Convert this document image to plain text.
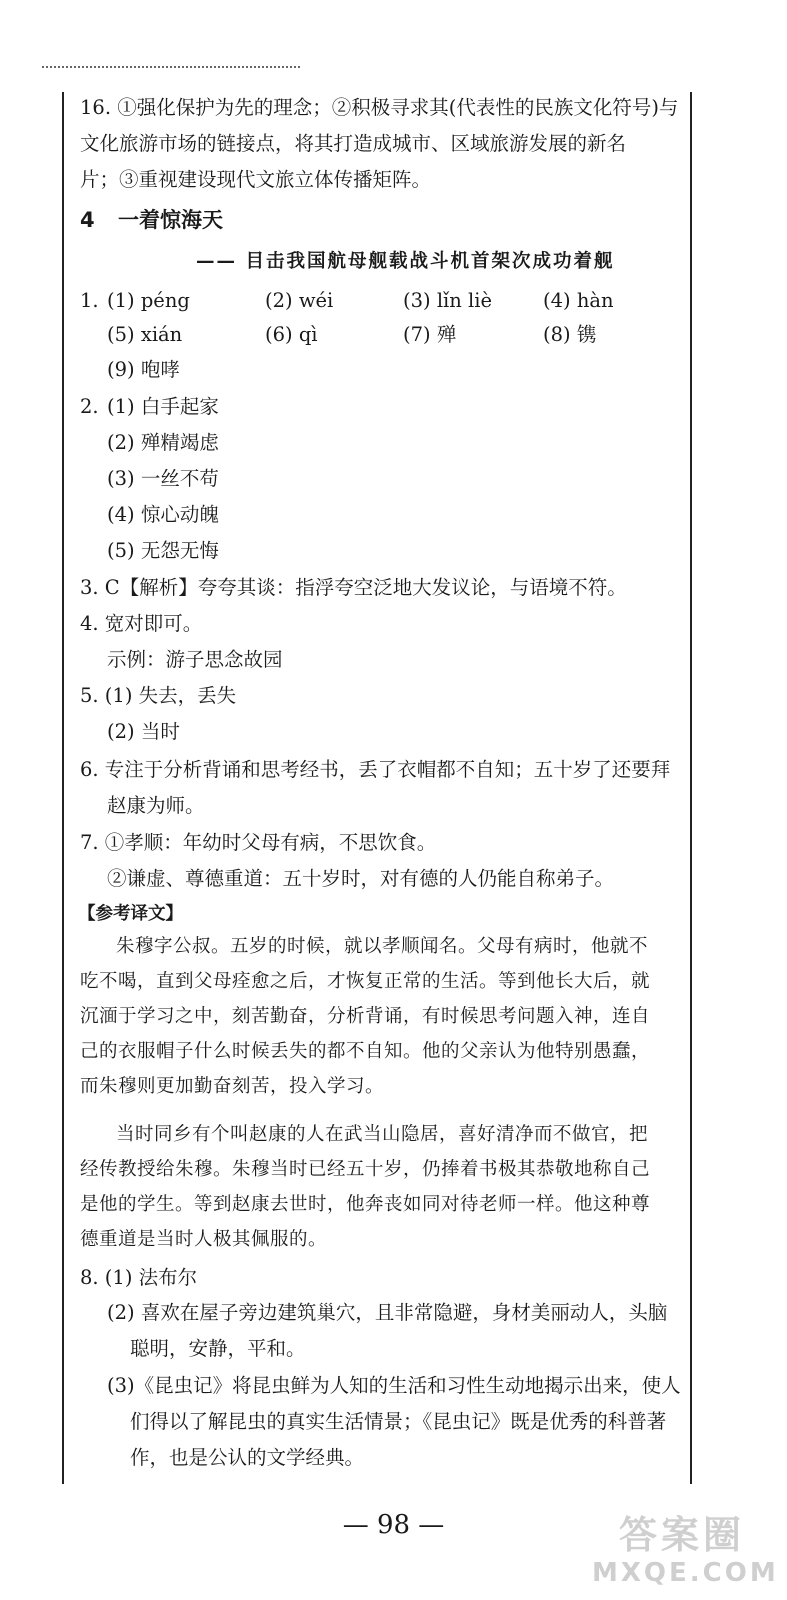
16. ①强化保护为先的理念；②积极寻求其(代表性的民族文化符号)与

文化旅游市场的链接点，将其打造成城市、区域旅游发展的新名

片；③重视建设现代文旅立体传播矩阵。

4 一着惊海天

—— 目击我国航母舰载战斗机首架次成功着舰

1. (1) péng	(2) wéi	(3) lǐn liè	(4) hàn
(5) xián	(6) qì	(7) 殚	(8) 镌
(9) 咆哮
2. (1) 白手起家

(2) 殚精竭虑

(3) 一丝不苟

(4) 惊心动魄

(5) 无怨无悔

3. C【解析】夸夸其谈：指浮夸空泛地大发议论，与语境不符。

4. 宽对即可。

示例：游子思念故园

5. (1) 失去，丢失

(2) 当时

6. 专注于分析背诵和思考经书，丢了衣帽都不自知；五十岁了还要拜

赵康为师。

7. ①孝顺：年幼时父母有病，不思饮食。

②谦虚、尊德重道：五十岁时，对有德的人仍能自称弟子。

【参考译文】

朱穆字公叔。五岁的时候，就以孝顺闻名。父母有病时，他就不

吃不喝，直到父母痊愈之后，才恢复正常的生活。等到他长大后，就

沉湎于学习之中，刻苦勤奋，分析背诵，有时候思考问题入神，连自

己的衣服帽子什么时候丢失的都不自知。他的父亲认为他特别愚蠢，

而朱穆则更加勤奋刻苦，投入学习。

当时同乡有个叫赵康的人在武当山隐居，喜好清净而不做官，把

经传教授给朱穆。朱穆当时已经五十岁，仍捧着书极其恭敬地称自己

是他的学生。等到赵康去世时，他奔丧如同对待老师一样。他这种尊

德重道是当时人极其佩服的。

8. (1) 法布尔

(2) 喜欢在屋子旁边建筑巢穴，且非常隐避，身材美丽动人，头脑

聪明，安静，平和。

(3)《昆虫记》将昆虫鲜为人知的生活和习性生动地揭示出来，使人

们得以了解昆虫的真实生活情景；《昆虫记》既是优秀的科普著

作，也是公认的文学经典。

— 98 —	答案圈
MXQE.COM
